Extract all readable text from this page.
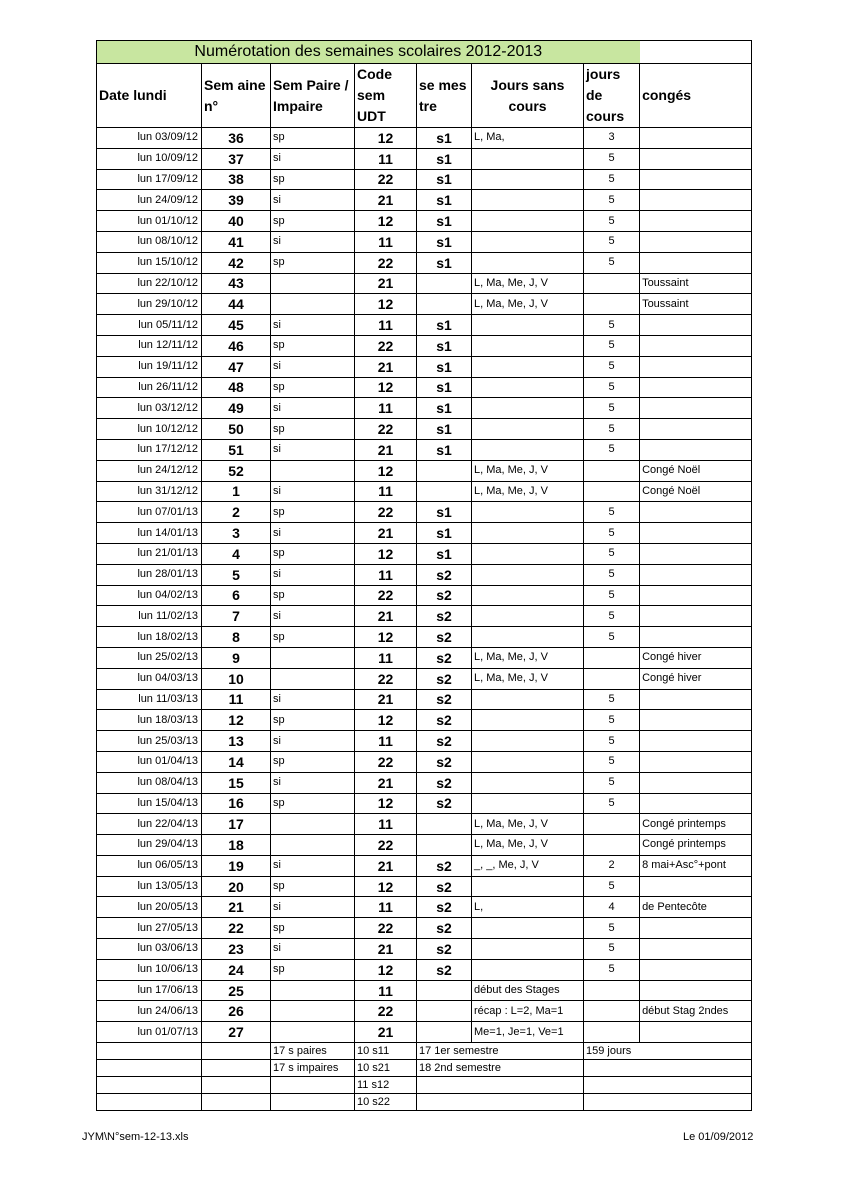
Numérotation des semaines scolaires 2012-2013							
Date lundi	Sem aine n°	Sem Paire / Impaire	Code sem UDT	se mes tre	Jours sans cours	jours de cours	congés
lun 03/09/12	36	sp	12	s1	L, Ma,	3	
lun 10/09/12	37	si	11	s1		5	
lun 17/09/12	38	sp	22	s1		5	
lun 24/09/12	39	si	21	s1		5	
lun 01/10/12	40	sp	12	s1		5	
lun 08/10/12	41	si	11	s1		5	
lun 15/10/12	42	sp	22	s1		5	
lun 22/10/12	43		21		L, Ma, Me, J, V		Toussaint
lun 29/10/12	44		12		L, Ma, Me, J, V		Toussaint
lun 05/11/12	45	si	11	s1		5	
lun 12/11/12	46	sp	22	s1		5	
lun 19/11/12	47	si	21	s1		5	
lun 26/11/12	48	sp	12	s1		5	
lun 03/12/12	49	si	11	s1		5	
lun 10/12/12	50	sp	22	s1		5	
lun 17/12/12	51	si	21	s1		5	
lun 24/12/12	52		12		L, Ma, Me, J, V		Congé Noël
lun 31/12/12	1	si	11		L, Ma, Me, J, V		Congé Noël
lun 07/01/13	2	sp	22	s1		5	
lun 14/01/13	3	si	21	s1		5	
lun 21/01/13	4	sp	12	s1		5	
lun 28/01/13	5	si	11	s2		5	
lun 04/02/13	6	sp	22	s2		5	
lun 11/02/13	7	si	21	s2		5	
lun 18/02/13	8	sp	12	s2		5	
lun 25/02/13	9		11	s2	L, Ma, Me, J, V		Congé hiver
lun 04/03/13	10		22	s2	L, Ma, Me, J, V		Congé hiver
lun 11/03/13	11	si	21	s2		5	
lun 18/03/13	12	sp	12	s2		5	
lun 25/03/13	13	si	11	s2		5	
lun 01/04/13	14	sp	22	s2		5	
lun 08/04/13	15	si	21	s2		5	
lun 15/04/13	16	sp	12	s2		5	
lun 22/04/13	17		11		L, Ma, Me, J, V		Congé printemps
lun 29/04/13	18		22		L, Ma, Me, J, V		Congé printemps
lun 06/05/13	19	si	21	s2	_, _, Me, J, V	2	8 mai+Asc°+pont
lun 13/05/13	20	sp	12	s2		5	
lun 20/05/13	21	si	11	s2	L,	4	de Pentecôte
lun 27/05/13	22	sp	22	s2		5	
lun 03/06/13	23	si	21	s2		5	
lun 10/06/13	24	sp	12	s2		5	
lun 17/06/13	25		11		début des Stages		
lun 24/06/13	26		22		récap : L=2, Ma=1		début Stag 2ndes
lun 01/07/13	27		21		Me=1, Je=1, Ve=1		
		17 s paires	10 s11	17 1er semestre		159 jours	
		17 s impaires	10 s21	18 2nd semestre			
			11 s12				
			10 s22				
JYM\N°sem-12-13.xls	Le 01/09/2012
